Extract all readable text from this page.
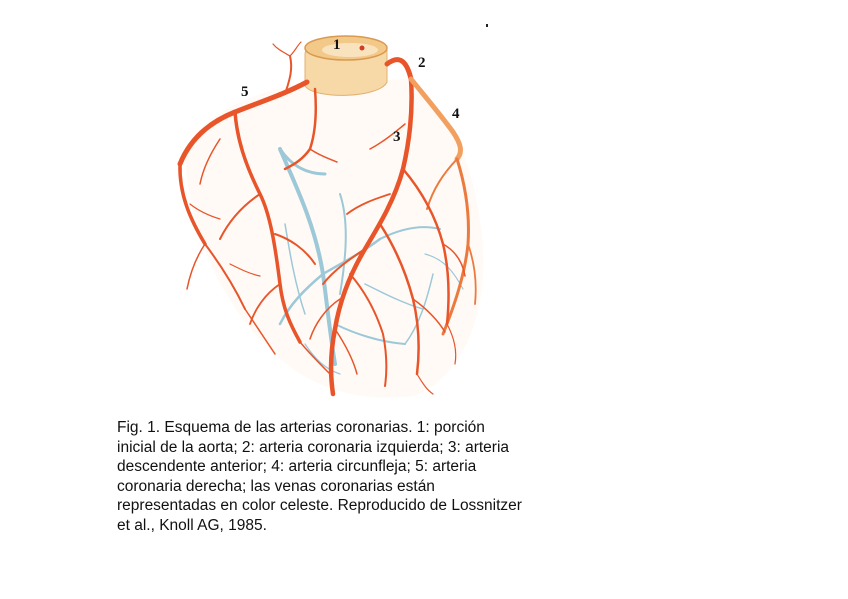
1
2
3
4
5

Fig. 1. Esquema de las arterias coronarias. 1: porción

inicial de la aorta; 2: arteria coronaria izquierda; 3: arteria

descendente anterior; 4: arteria circunfleja; 5: arteria

coronaria derecha; las venas coronarias están

representadas en color celeste. Reproducido de Lossnitzer

et al., Knoll AG, 1985.
